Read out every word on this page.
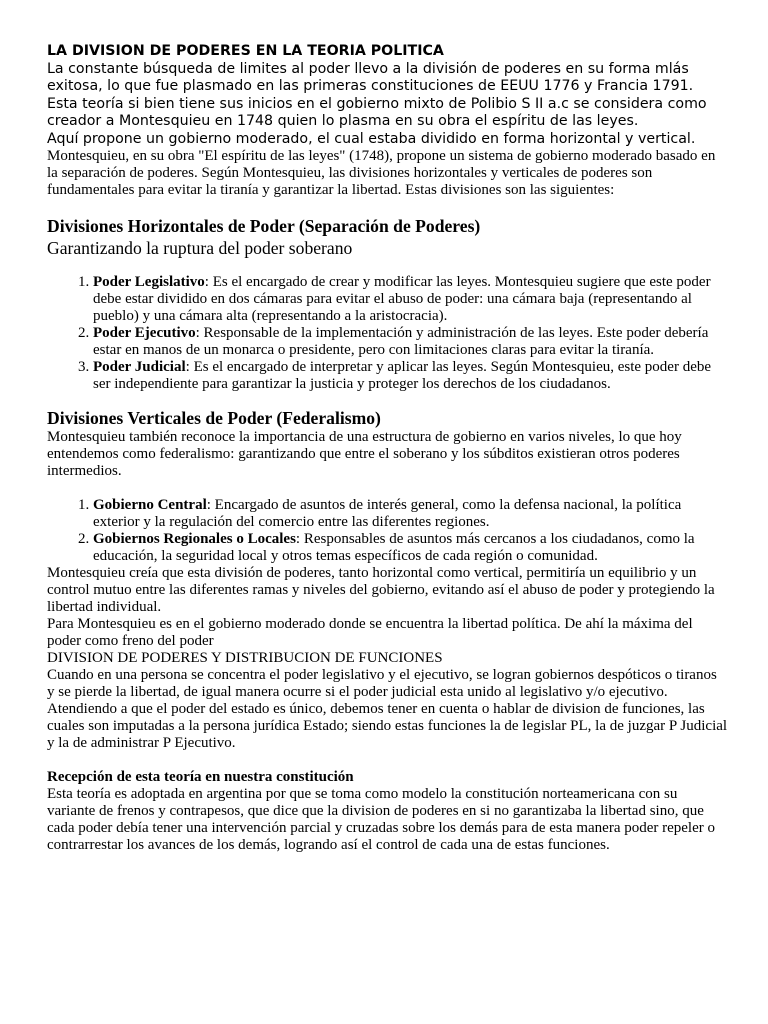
LA DIVISION DE PODERES EN LA TEORIA POLITICA
La constante búsqueda de limites al poder llevo a la división de poderes en su forma mlás
exitosa, lo que fue plasmado en las primeras constituciones de EEUU 1776 y Francia 1791.
Esta teoría si bien tiene sus inicios en el gobierno mixto de Polibio S II a.c se considera como
creador a Montesquieu en 1748 quien lo plasma en su obra el espíritu de las leyes.
Aquí propone un gobierno moderado, el cual estaba dividido en forma horizontal y vertical.

Montesquieu, en su obra "El espíritu de las leyes" (1748), propone un sistema de gobierno moderado basado en la separación de poderes. Según Montesquieu, las divisiones horizontales y verticales de poderes son fundamentales para evitar la tiranía y garantizar la libertad. Estas divisiones son las siguientes:

Divisiones Horizontales de Poder (Separación de Poderes)
Garantizando la ruptura del poder soberano
1. Poder Legislativo: Es el encargado de crear y modificar las leyes. Montesquieu sugiere que este poder debe estar dividido en dos cámaras para evitar el abuso de poder: una cámara baja (representando al pueblo) y una cámara alta (representando a la aristocracia).
2. Poder Ejecutivo: Responsable de la implementación y administración de las leyes. Este poder debería estar en manos de un monarca o presidente, pero con limitaciones claras para evitar la tiranía.
3. Poder Judicial: Es el encargado de interpretar y aplicar las leyes. Según Montesquieu, este poder debe ser independiente para garantizar la justicia y proteger los derechos de los ciudadanos.
Divisiones Verticales de Poder (Federalismo)

Montesquieu también reconoce la importancia de una estructura de gobierno en varios niveles, lo que hoy entendemos como federalismo: garantizando que entre el soberano y los súbditos existieran otros poderes intermedios.

1. Gobierno Central: Encargado de asuntos de interés general, como la defensa nacional, la política exterior y la regulación del comercio entre las diferentes regiones.
2. Gobiernos Regionales o Locales: Responsables de asuntos más cercanos a los ciudadanos, como la educación, la seguridad local y otros temas específicos de cada región o comunidad.

Montesquieu creía que esta división de poderes, tanto horizontal como vertical, permitiría un equilibrio y un control mutuo entre las diferentes ramas y niveles del gobierno, evitando así el abuso de poder y protegiendo la libertad individual.

Para Montesquieu es en el gobierno moderado donde se encuentra la libertad política. De ahí la máxima del poder como freno del poder

DIVISION DE PODERES Y DISTRIBUCION DE FUNCIONES

Cuando en una persona se concentra el poder legislativo y el ejecutivo, se logran gobiernos despóticos o tiranos y se pierde la libertad, de igual manera ocurre si el poder judicial esta unido al legislativo y/o ejecutivo. Atendiendo a que el poder del estado es único, debemos tener en cuenta o hablar de division de funciones, las cuales son imputadas a la persona jurídica Estado; siendo estas funciones la de legislar PL, la de juzgar P Judicial y la de administrar P Ejecutivo.

Recepción de esta teoría en nuestra constitución

Esta teoría es adoptada en argentina por que se toma como modelo la constitución norteamericana con su variante de frenos y contrapesos, que dice que la division de poderes en si no garantizaba la libertad sino, que cada poder debía tener una intervención parcial y cruzadas sobre los demás para de esta manera poder repeler o contrarrestar los avances de los demás, logrando así el control de cada una de estas funciones.
